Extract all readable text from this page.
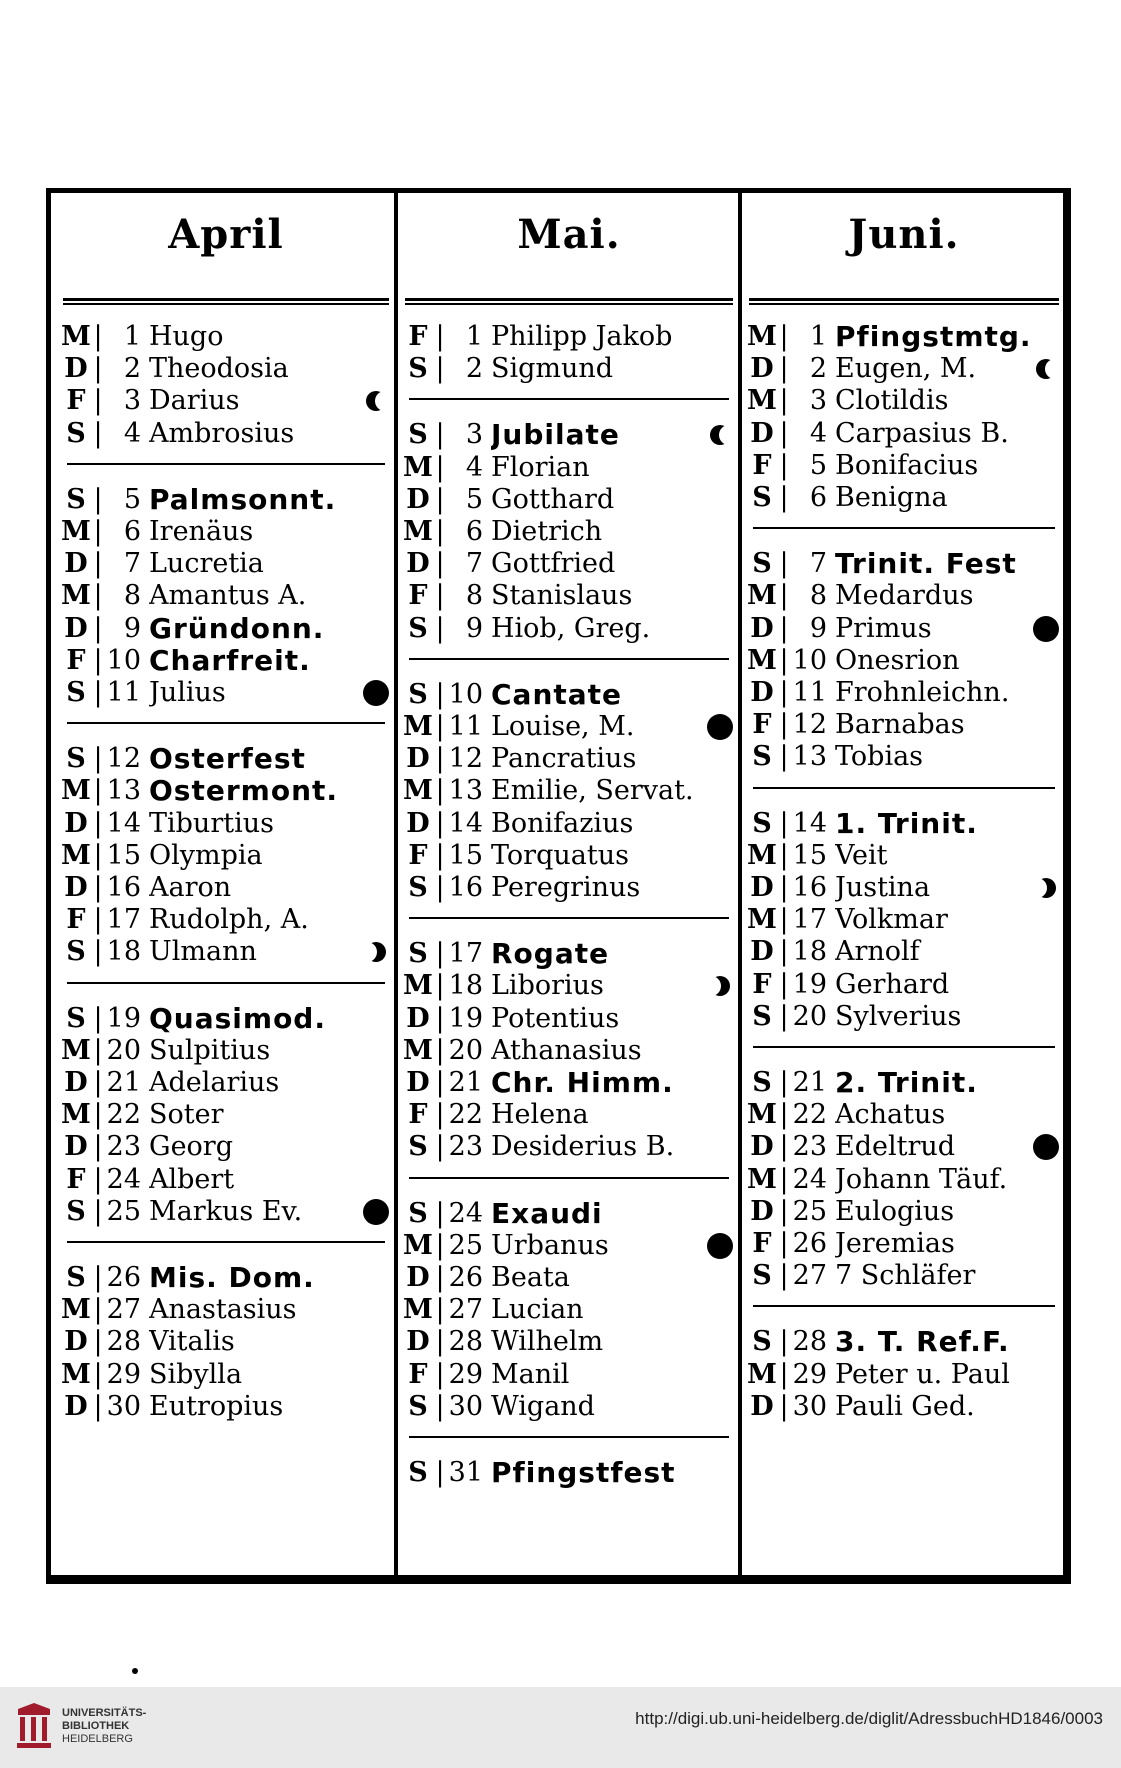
April
M | 1 Hugo
D | 2 Theodosia
F | 3 Darius
S | 4 Ambrosius
S | 5 Palmsonnt.
M | 6 Irenäus
D | 7 Lucretia
M | 8 Amantus A.
D | 9 Gründonn.
F | 10 Charfreit.
S | 11 Julius
S | 12 Osterfest
M | 13 Ostermont.
D | 14 Tiburtius
M | 15 Olympia
D | 16 Aaron
F | 17 Rudolph, A.
S | 18 Ulmann
S | 19 Quasimod.
M | 20 Sulpitius
D | 21 Adelarius
M | 22 Soter
D | 23 Georg
F | 24 Albert
S | 25 Markus Ev.
S | 26 Mis. Dom.
M | 27 Anastasius
D | 28 Vitalis
M | 29 Sibylla
D | 30 Eutropius
Mai.
F | 1 Philipp Jakob
S | 2 Sigmund
S | 3 Jubilate
M | 4 Florian
D | 5 Gotthard
M | 6 Dietrich
D | 7 Gottfried
F | 8 Stanislaus
S | 9 Hiob, Greg.
S | 10 Cantate
M | 11 Louise, M.
D | 12 Pancratius
M | 13 Emilie, Servat.
D | 14 Bonifazius
F | 15 Torquatus
S | 16 Peregrinus
S | 17 Rogate
M | 18 Liborius
D | 19 Potentius
M | 20 Athanasius
D | 21 Chr. Himm.
F | 22 Helena
S | 23 Desiderius B.
S | 24 Exaudi
M | 25 Urbanus
D | 26 Beata
M | 27 Lucian
D | 28 Wilhelm
F | 29 Manil
S | 30 Wigand
S | 31 Pfingstfest
Juni.
M | 1 Pfingstmtg.
D | 2 Eugen, M.
M | 3 Clotildis
D | 4 Carpasius B.
F | 5 Bonifacius
S | 6 Benigna
S | 7 Trinit. Fest
M | 8 Medardus
D | 9 Primus
M | 10 Onesrion
D | 11 Frohnleichn.
F | 12 Barnabas
S | 13 Tobias
S | 14 1. Trinit.
M | 15 Veit
D | 16 Justina
M | 17 Volkmar
D | 18 Arnolf
F | 19 Gerhard
S | 20 Sylverius
S | 21 2. Trinit.
M | 22 Achatus
D | 23 Edeltrud
M | 24 Johann Täuf.
D | 25 Eulogius
F | 26 Jeremias
S | 27 7 Schläfer
S | 28 3. T. Ref.F.
M | 29 Peter u. Paul
D | 30 Pauli Ged.
UNIVERSITÄTS-
BIBLIOTHEK
HEIDELBERG
http://digi.ub.uni-heidelberg.de/diglit/AdressbuchHD1846/0003
